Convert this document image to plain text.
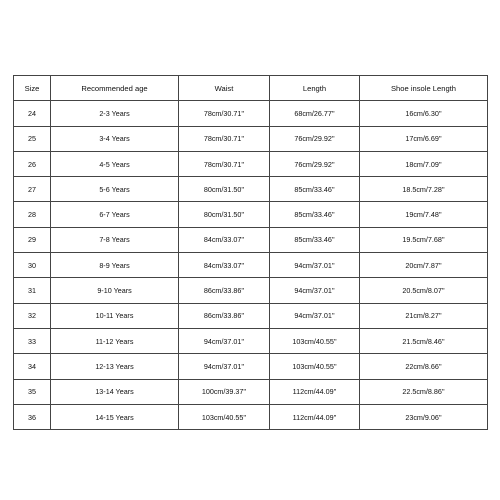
Size	Recommended age	Waist	Length	Shoe insole Length
24	2-3 Years	78cm/30.71''	68cm/26.77''	16cm/6.30''
25	3-4 Years	78cm/30.71''	76cm/29.92''	17cm/6.69''
26	4-5 Years	78cm/30.71''	76cm/29.92''	18cm/7.09''
27	5-6 Years	80cm/31.50''	85cm/33.46''	18.5cm/7.28''
28	6-7 Years	80cm/31.50''	85cm/33.46''	19cm/7.48''
29	7-8 Years	84cm/33.07''	85cm/33.46''	19.5cm/7.68''
30	8-9 Years	84cm/33.07''	94cm/37.01''	20cm/7.87''
31	9-10 Years	86cm/33.86''	94cm/37.01''	20.5cm/8.07''
32	10-11 Years	86cm/33.86''	94cm/37.01''	21cm/8.27''
33	11-12 Years	94cm/37.01''	103cm/40.55''	21.5cm/8.46''
34	12-13 Years	94cm/37.01''	103cm/40.55''	22cm/8.66''
35	13-14 Years	100cm/39.37''	112cm/44.09''	22.5cm/8.86''
36	14-15 Years	103cm/40.55''	112cm/44.09''	23cm/9.06''
